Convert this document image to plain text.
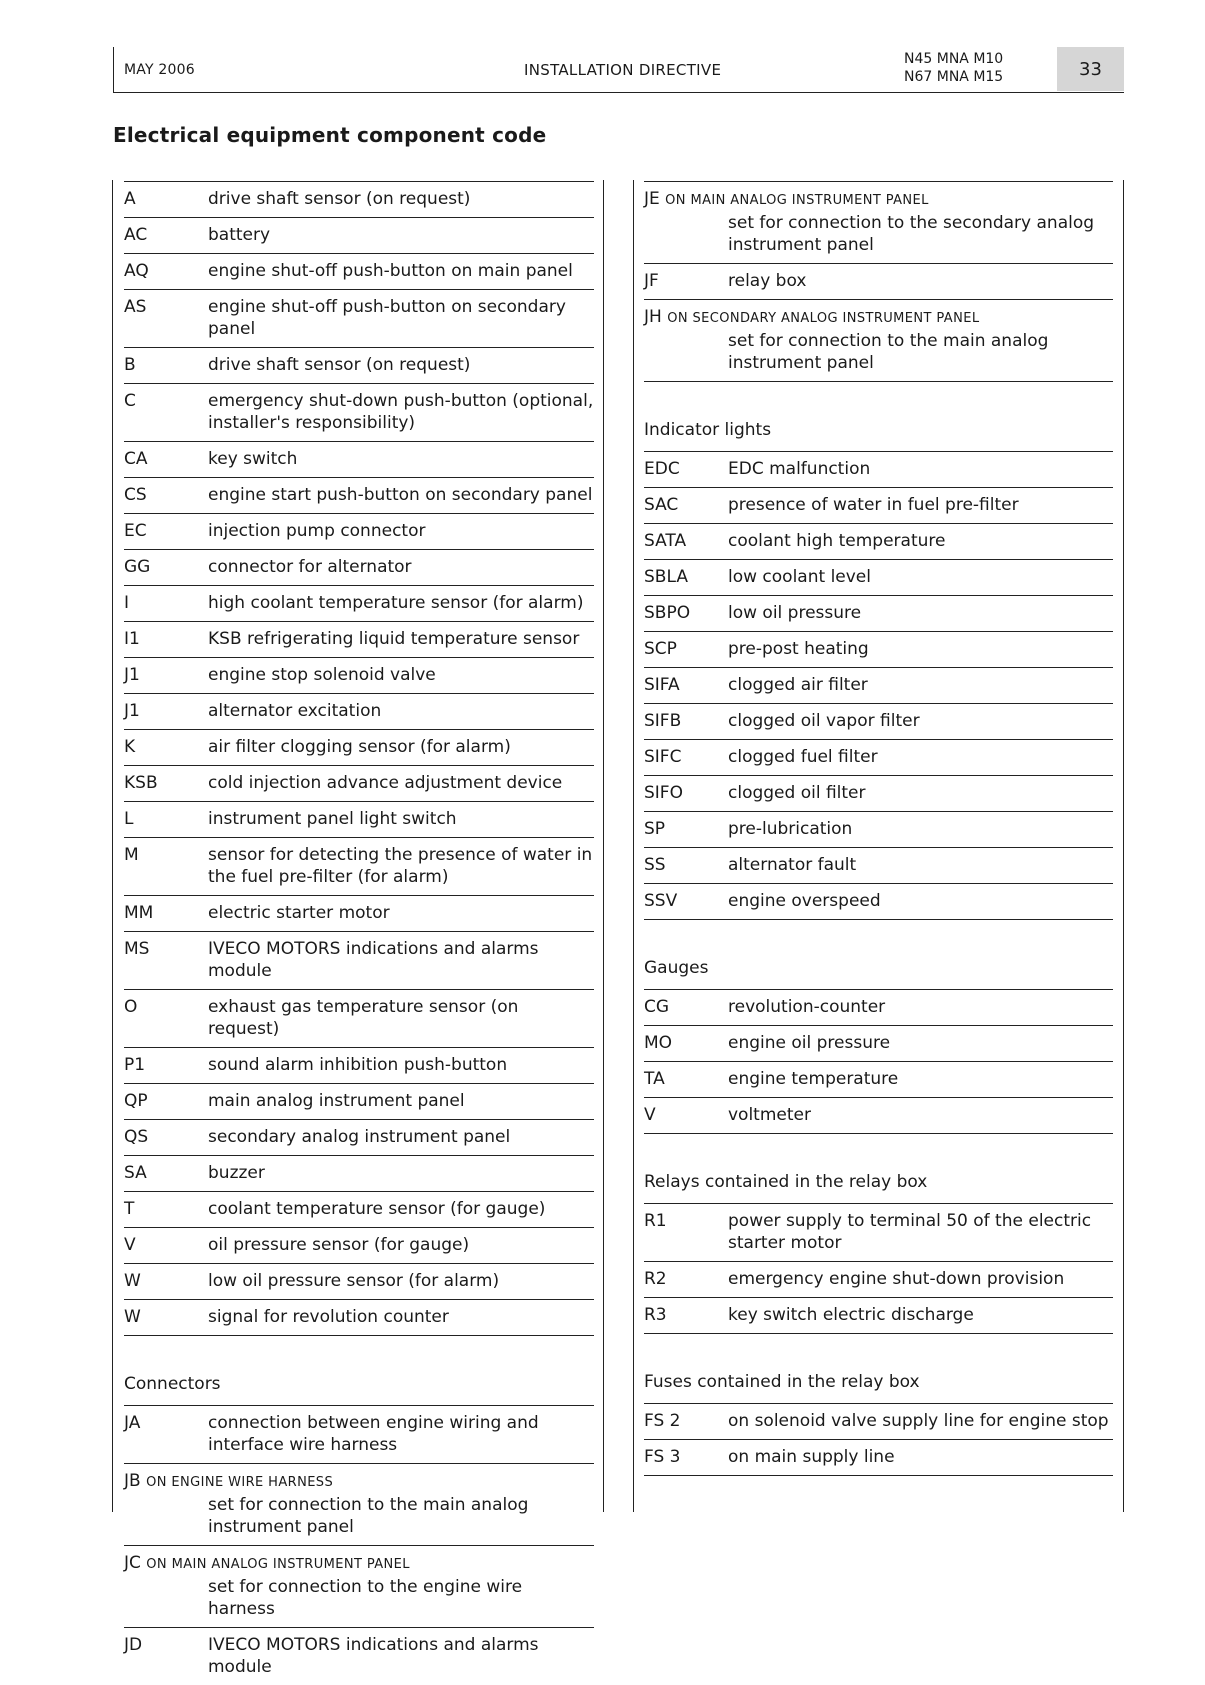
MAY 2006	INSTALLATION DIRECTIVE
N45 MNA M10
N67 MNA M15	33
Electrical equipment component code
A	drive shaft sensor (on request)
AC	battery
AQ	engine shut-off push-button on main panel
AS	engine shut-off push-button on secondary panel
B	drive shaft sensor (on request)
C	emergency shut-down push-button (optional, installer's responsibility)
CA	key switch
CS	engine start push-button on secondary panel
EC	injection pump connector
GG	connector for alternator
I	high coolant temperature sensor (for alarm)
I1	KSB refrigerating liquid temperature sensor
J1	engine stop solenoid valve
J1	alternator excitation
K	air filter clogging sensor (for alarm)
KSB	cold injection advance adjustment device
L	instrument panel light switch
M	sensor for detecting the presence of water in the fuel pre-filter (for alarm)
MM	electric starter motor
MS	IVECO MOTORS indications and alarms module
O	exhaust gas temperature sensor (on request)
P1	sound alarm inhibition push-button
QP	main analog instrument panel
QS	secondary analog instrument panel
SA	buzzer
T	coolant temperature sensor (for gauge)
V	oil pressure sensor (for gauge)
W	low oil pressure sensor (for alarm)
W	signal for revolution counter
Connectors
JA	connection between engine wiring and interface wire harness
JB ON ENGINE WIRE HARNESS
set for connection to the main analog instrument panel
JC ON MAIN ANALOG INSTRUMENT PANEL
set for connection to the engine wire harness
JD	IVECO MOTORS indications and alarms module
JE ON MAIN ANALOG INSTRUMENT PANEL
set for connection to the secondary analog instrument panel
JF	relay box
JH ON SECONDARY ANALOG INSTRUMENT PANEL
set for connection to the main analog instrument panel
Indicator lights
EDC	EDC malfunction
SAC	presence of water in fuel pre-filter
SATA	coolant high temperature
SBLA	low coolant level
SBPO	low oil pressure
SCP	pre-post heating
SIFA	clogged air filter
SIFB	clogged oil vapor filter
SIFC	clogged fuel filter
SIFO	clogged oil filter
SP	pre-lubrication
SS	alternator fault
SSV	engine overspeed
Gauges
CG	revolution-counter
MO	engine oil pressure
TA	engine temperature
V	voltmeter
Relays contained in the relay box
R1	power supply to terminal 50 of the electric starter motor
R2	emergency engine shut-down provision
R3	key switch electric discharge
Fuses contained in the relay box
FS 2	on solenoid valve supply line for engine stop
FS 3	on main supply line
